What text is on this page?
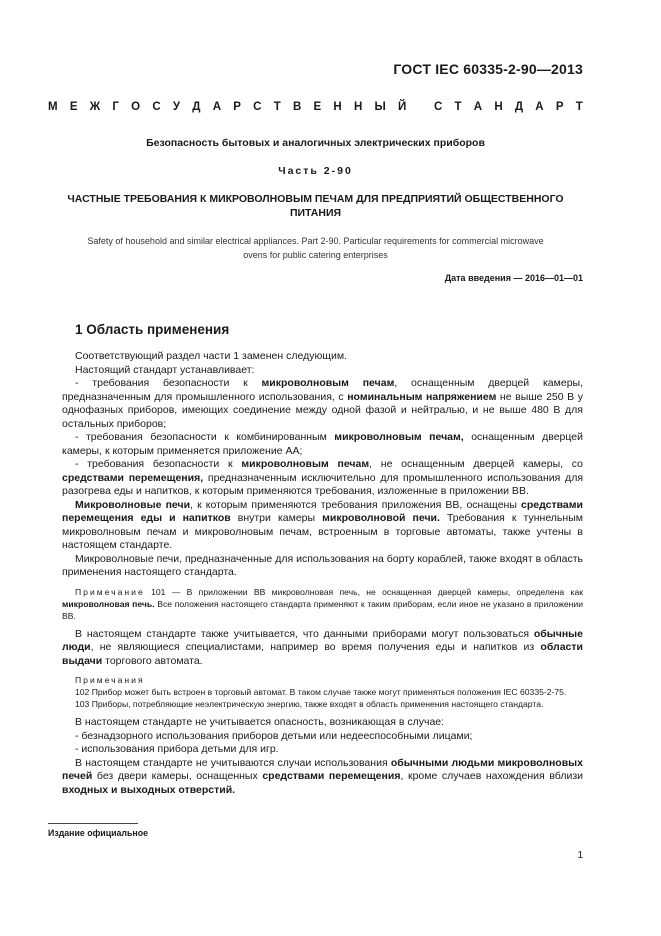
ГОСТ IEC 60335-2-90—2013
М Е Ж Г О С У Д А Р С Т В Е Н Н Ы Й
С Т А Н Д А Р Т
Безопасность бытовых и аналогичных электрических приборов
Часть 2-90
ЧАСТНЫЕ ТРЕБОВАНИЯ К МИКРОВОЛНОВЫМ ПЕЧАМ ДЛЯ ПРЕДПРИЯТИЙ ОБЩЕСТВЕННОГО
ПИТАНИЯ
Safety of household and similar electrical appliances. Part 2-90. Particular requirements for commercial microwave
ovens for public catering enterprises
Дата введения — 2016—01—01
1 Область применения

Соответствующий раздел части 1 заменен следующим.

Настоящий стандарт устанавливает:

- требования безопасности к микроволновым печам, оснащенным дверцей камеры, предназначенным для промышленного использования, с номинальным напряжением не выше 250 В у однофазных приборов, имеющих соединение между одной фазой и нейтралью, и не выше 480 В для остальных приборов;

- требования безопасности к комбинированным микроволновым печам, оснащенным дверцей камеры, к которым применяется приложение АА;

- требования безопасности к микроволновым печам, не оснащенным дверцей камеры, со средствами перемещения, предназначенным исключительно для промышленного использования для разогрева еды и напитков, к которым применяются требования, изложенные в приложении ВВ.

Микроволновые печи, к которым применяются требования приложения ВВ, оснащены средствами перемещения еды и напитков внутри камеры микроволновой печи. Требования к туннельным микроволновым печам и микроволновым печам, встроенным в торговые автоматы, также учтены в настоящем стандарте.

Микроволновые печи, предназначенные для использования на борту кораблей, также входят в область применения настоящего стандарта.

Примечание 101 — В приложении ВВ микроволновая печь, не оснащенная дверцей камеры, определена как микроволновая печь. Все положения настоящего стандарта применяют к таким приборам, если иное не указано в приложении ВВ.

В настоящем стандарте также учитывается, что данными приборами могут пользоваться обычные люди, не являющиеся специалистами, например во время получения еды и напитков из области выдачи торгового автомата.

Примечания

102 Прибор может быть встроен в торговый автомат. В таком случае также могут применяться положения IEC 60335-2-75.

103 Приборы, потребляющие неэлектрическую энергию, также входят в область применения настоящего стандарта.

В настоящем стандарте не учитывается опасность, возникающая в случае:

- безнадзорного использования приборов детьми или недееспособными лицами;

- использования прибора детьми для игр.

В настоящем стандарте не учитываются случаи использования обычными людьми микроволновых печей без двери камеры, оснащенных средствами перемещения, кроме случаев нахождения вблизи входных и выходных отверстий.

Издание официальное
1
